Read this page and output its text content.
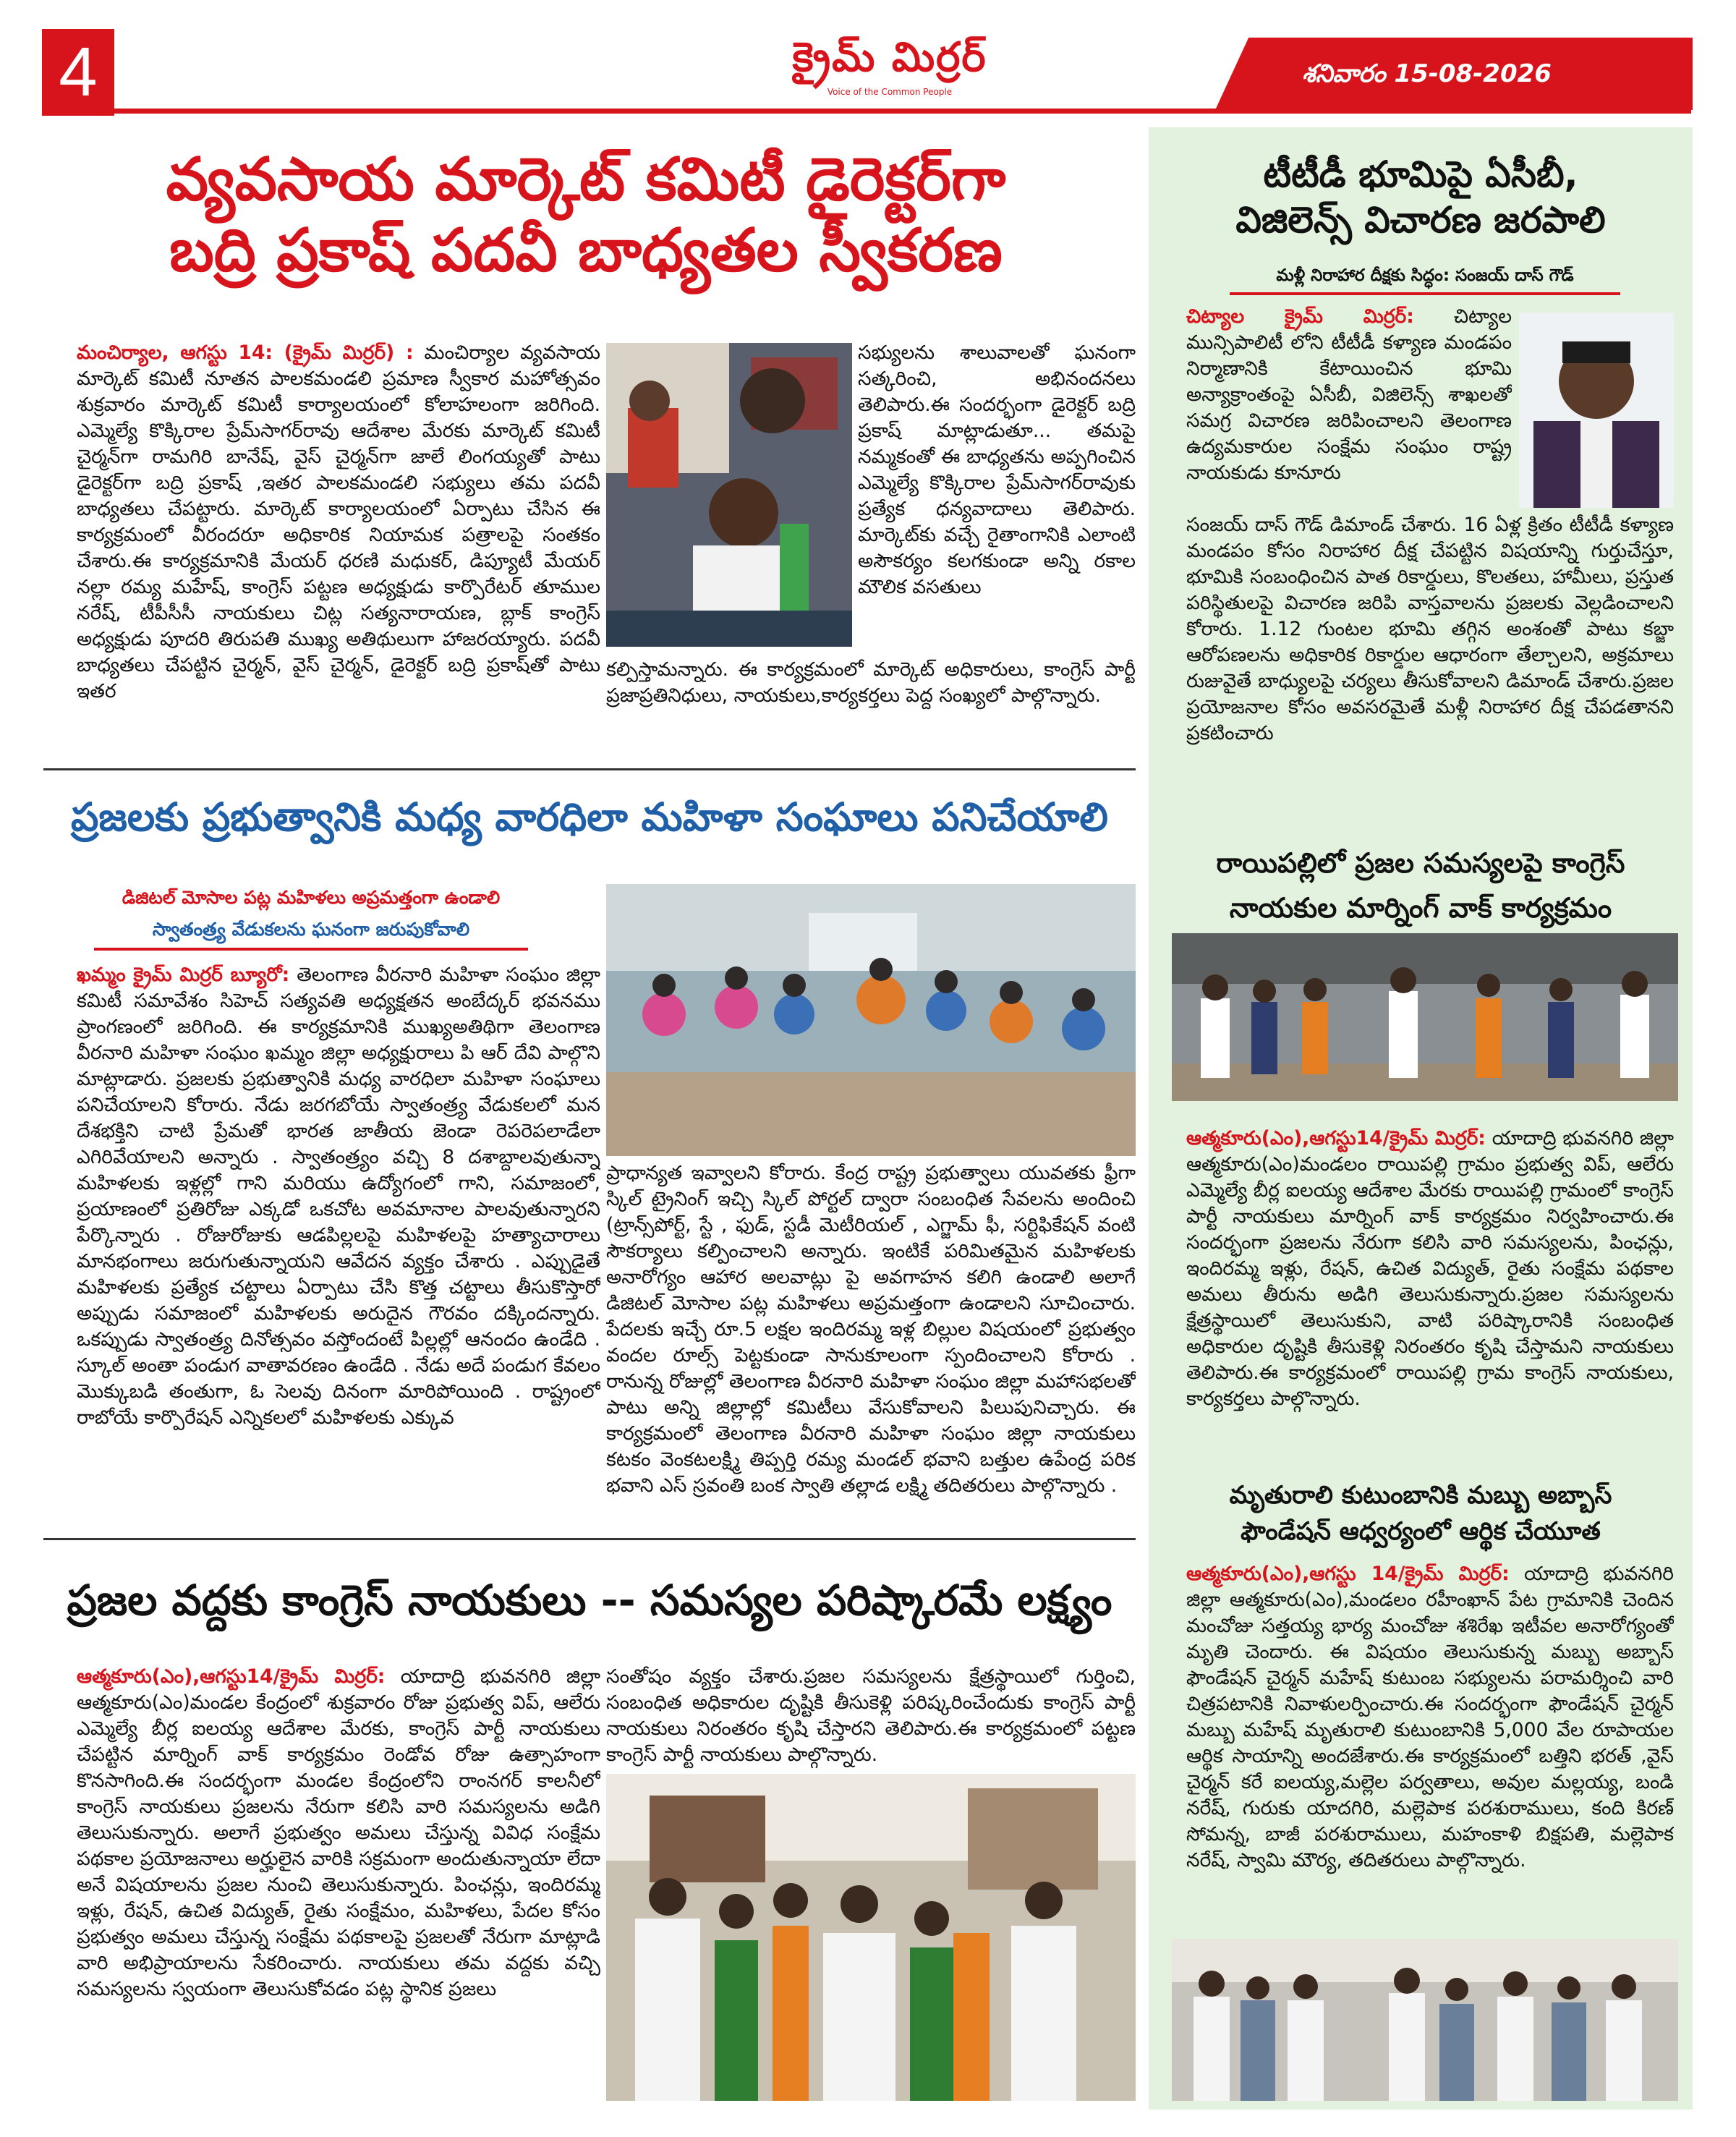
4	క్రైమ్ మిర్రర్
Voice of the Common People
శనివారం 15-08-2026
వ్యవసాయ మార్కెట్ కమిటీ డైరెక్టర్‌గా
బద్రి ప్రకాష్ పదవీ బాధ్యతల స్వీకరణ
మంచిర్యాల, ఆగస్టు 14: (క్రైమ్ మిర్రర్) : మంచిర్యాల వ్యవసాయ మార్కెట్ కమిటీ నూతన పాలకమండలి ప్రమాణ స్వీకార మహోత్సవం శుక్రవారం మార్కెట్ కమిటీ కార్యాలయంలో కోలాహలంగా జరిగింది. ఎమ్మెల్యే కొక్కిరాల ప్రేమ్‌సాగర్‌రావు ఆదేశాల మేరకు మార్కెట్ కమిటీ చైర్మన్‌గా రామగిరి బానేష్, వైస్ చైర్మన్‌గా జాలే లింగయ్యతో పాటు డైరెక్టర్‌గా బద్రి ప్రకాష్ ,ఇతర పాలకమండలి సభ్యులు తమ పదవీ బాధ్యతలు చేపట్టారు. మార్కెట్ కార్యాలయంలో ఏర్పాటు చేసిన ఈ కార్యక్రమంలో వీరందరూ అధికారిక నియామక పత్రాలపై సంతకం చేశారు.ఈ కార్యక్రమానికి మేయర్ ధరణి మధుకర్, డిప్యూటీ మేయర్ నల్లా రమ్య మహేష్, కాంగ్రెస్ పట్టణ అధ్యక్షుడు కార్పొరేటర్ తూముల నరేష్, టీపీసీసీ నాయకులు చిట్ల సత్యనారాయణ, బ్లాక్ కాంగ్రెస్ అధ్యక్షుడు పూదరి తిరుపతి ముఖ్య అతిథులుగా హాజరయ్యారు. పదవీ బాధ్యతలు చేపట్టిన చైర్మన్, వైస్ చైర్మన్, డైరెక్టర్ బద్రి ప్రకాష్‌తో పాటు ఇతర
సభ్యులను శాలువాలతో ఘనంగా సత్కరించి, అభినందనలు తెలిపారు.ఈ సందర్భంగా డైరెక్టర్ బద్రి ప్రకాష్ మాట్లాడుతూ... తమపై నమ్మకంతో ఈ బాధ్యతను అప్పగించిన ఎమ్మెల్యే కొక్కిరాల ప్రేమ్‌సాగర్‌రావుకు ప్రత్యేక ధన్యవాదాలు తెలిపారు. మార్కెట్‌కు వచ్చే రైతాంగానికి ఎలాంటి అసౌకర్యం కలగకుండా అన్ని రకాల మౌలిక వసతులు
కల్పిస్తామన్నారు. ఈ కార్యక్రమంలో మార్కెట్ అధికారులు, కాంగ్రెస్ పార్టీ ప్రజాప్రతినిధులు, నాయకులు,కార్యకర్తలు పెద్ద సంఖ్యలో పాల్గొన్నారు.
ప్రజలకు ప్రభుత్వానికి మధ్య వారధిలా మహిళా సంఘాలు పనిచేయాలి
డిజిటల్ మోసాల పట్ల మహిళలు అప్రమత్తంగా ఉండాలి
స్వాతంత్ర్య వేడుకలను ఘనంగా జరుపుకోవాలి
ఖమ్మం క్రైమ్ మిర్రర్ బ్యూరో: తెలంగాణ వీరనారి మహిళా సంఘం జిల్లా కమిటీ సమావేశం సిహెచ్ సత్యవతి అధ్యక్షతన అంబేద్కర్ భవనము ప్రాంగణంలో జరిగింది. ఈ కార్యక్రమానికి ముఖ్యఅతిథిగా తెలంగాణ వీరనారి మహిళా సంఘం ఖమ్మం జిల్లా అధ్యక్షురాలు పి ఆర్ దేవి పాల్గొని మాట్లాడారు. ప్రజలకు ప్రభుత్వానికి మధ్య వారధిలా మహిళా సంఘాలు పనిచేయాలని కోరారు. నేడు జరగబోయే స్వాతంత్ర్య వేడుకలలో మన దేశభక్తిని చాటి ప్రేమతో భారత జాతీయ జెండా రెపరెపలాడేలా ఎగిరివేయాలని అన్నారు . స్వాతంత్ర్యం వచ్చి 8 దశాబ్దాలవుతున్నా మహిళలకు ఇళ్లల్లో గాని మరియు ఉద్యోగంలో గాని, సమాజంలో, ప్రయాణంలో ప్రతిరోజు ఎక్కడో ఒకచోట అవమానాల పాలవుతున్నారని పేర్కొన్నారు . రోజురోజుకు ఆడపిల్లలపై మహిళలపై హత్యాచారాలు మానభంగాలు జరుగుతున్నాయని ఆవేదన వ్యక్తం చేశారు . ఎప్పుడైతే మహిళలకు ప్రత్యేక చట్టాలు ఏర్పాటు చేసి కొత్త చట్టాలు తీసుకొస్తారో అప్పుడు సమాజంలో మహిళలకు అరుదైన గౌరవం దక్కిందన్నారు. ఒకప్పుడు స్వాతంత్ర్య దినోత్సవం వస్తోందంటే పిల్లల్లో ఆనందం ఉండేది . స్కూల్ అంతా పండుగ వాతావరణం ఉండేది . నేడు అదే పండుగ కేవలం మొక్కుబడి తంతుగా, ఓ సెలవు దినంగా మారిపోయింది . రాష్ట్రంలో రాబోయే కార్పొరేషన్ ఎన్నికలలో మహిళలకు ఎక్కువ
ప్రాధాన్యత ఇవ్వాలని కోరారు. కేంద్ర రాష్ట్ర ప్రభుత్వాలు యువతకు ఫ్రీగా స్కిల్ ట్రైనింగ్ ఇచ్చి స్కిల్ పోర్టల్ ద్వారా సంబంధిత సేవలను అందించి (ట్రాన్స్‌పోర్ట్, స్టే , ఫుడ్, స్టడీ మెటీరియల్ , ఎగ్జామ్ ఫీ, సర్టిఫికేషన్ వంటి సౌకర్యాలు కల్పించాలని అన్నారు. ఇంటికే పరిమితమైన మహిళలకు అనారోగ్యం ఆహార అలవాట్లు పై అవగాహన కలిగి ఉండాలి అలాగే డిజిటల్ మోసాల పట్ల మహిళలు అప్రమత్తంగా ఉండాలని సూచించారు. పేదలకు ఇచ్చే రూ.5 లక్షల ఇందిరమ్మ ఇళ్ల బిల్లుల విషయంలో ప్రభుత్వం వందల రూల్స్ పెట్టకుండా సానుకూలంగా స్పందించాలని కోరారు . రానున్న రోజుల్లో తెలంగాణ వీరనారి మహిళా సంఘం జిల్లా మహాసభలతో పాటు అన్ని జిల్లాల్లో కమిటీలు వేసుకోవాలని పిలుపునిచ్చారు. ఈ కార్యక్రమంలో తెలంగాణ వీరనారి మహిళా సంఘం జిల్లా నాయకులు కటకం వెంకటలక్ష్మి తిప్పర్తి రమ్య మండల్ భవాని బత్తుల ఉపేంద్ర పరిక భవాని ఎస్ స్రవంతి బంక స్వాతి తల్లాడ లక్ష్మి తదితరులు పాల్గొన్నారు .
ప్రజల వద్దకు కాంగ్రెస్ నాయకులు -- సమస్యల పరిష్కారమే లక్ష్యం
ఆత్మకూరు(ఎం),ఆగస్టు14/క్రైమ్ మిర్రర్: యాదాద్రి భువనగిరి జిల్లా ఆత్మకూరు(ఎం)మండల కేంద్రంలో శుక్రవారం రోజు ప్రభుత్వ విప్, ఆలేరు ఎమ్మెల్యే బీర్ల ఐలయ్య ఆదేశాల మేరకు, కాంగ్రెస్ పార్టీ నాయకులు చేపట్టిన మార్నింగ్ వాక్ కార్యక్రమం రెండోవ రోజు ఉత్సాహంగా కొనసాగింది.ఈ సందర్భంగా మండల కేంద్రంలోని రాంనగర్ కాలనీలో కాంగ్రెస్ నాయకులు ప్రజలను నేరుగా కలిసి వారి సమస్యలను అడిగి తెలుసుకున్నారు. అలాగే ప్రభుత్వం అమలు చేస్తున్న వివిధ సంక్షేమ పథకాల ప్రయోజనాలు అర్హులైన వారికి సక్రమంగా అందుతున్నాయా లేదా అనే విషయాలను ప్రజల నుంచి తెలుసుకున్నారు. పింఛన్లు, ఇందిరమ్మ ఇళ్లు, రేషన్, ఉచిత విద్యుత్, రైతు సంక్షేమం, మహిళలు, పేదల కోసం ప్రభుత్వం అమలు చేస్తున్న సంక్షేమ పథకాలపై ప్రజలతో నేరుగా మాట్లాడి వారి అభిప్రాయాలను సేకరించారు. నాయకులు తమ వద్దకు వచ్చి సమస్యలను స్వయంగా తెలుసుకోవడం పట్ల స్థానిక ప్రజలు
సంతోషం వ్యక్తం చేశారు.ప్రజల సమస్యలను క్షేత్రస్థాయిలో గుర్తించి, సంబంధిత అధికారుల దృష్టికి తీసుకెళ్లి పరిష్కరించేందుకు కాంగ్రెస్ పార్టీ నాయకులు నిరంతరం కృషి చేస్తారని తెలిపారు.ఈ కార్యక్రమంలో పట్టణ కాంగ్రెస్ పార్టీ నాయకులు పాల్గొన్నారు.
టీటీడీ భూమిపై ఏసీబీ,
విజిలెన్స్ విచారణ జరపాలి
మళ్లీ నిరాహార దీక్షకు సిద్ధం: సంజయ్ దాస్ గౌడ్
చిట్యాల క్రైమ్ మిర్రర్: చిట్యాల మున్సిపాలిటీ లోని టీటీడీ కళ్యాణ మండపం నిర్మాణానికి కేటాయించిన భూమి అన్యాక్రాంతంపై ఏసీబీ, విజిలెన్స్ శాఖలతో సమగ్ర విచారణ జరిపించాలని తెలంగాణ ఉద్యమకారుల సంక్షేమ సంఘం రాష్ట్ర నాయకుడు కూనూరు
సంజయ్ దాస్ గౌడ్ డిమాండ్ చేశారు. 16 ఏళ్ల క్రితం టీటీడీ కళ్యాణ మండపం కోసం నిరాహార దీక్ష చేపట్టిన విషయాన్ని గుర్తుచేస్తూ, భూమికి సంబంధించిన పాత రికార్డులు, కొలతలు, హామీలు, ప్రస్తుత పరిస్థితులపై విచారణ జరిపి వాస్తవాలను ప్రజలకు వెల్లడించాలని కోరారు. 1.12 గుంటల భూమి తగ్గిన అంశంతో పాటు కబ్జా ఆరోపణలను అధికారిక రికార్డుల ఆధారంగా తేల్చాలని, అక్రమాలు రుజువైతే బాధ్యులపై చర్యలు తీసుకోవాలని డిమాండ్ చేశారు.ప్రజల ప్రయోజనాల కోసం అవసరమైతే మళ్లీ నిరాహార దీక్ష చేపడతానని ప్రకటించారు
రాయిపల్లిలో ప్రజల సమస్యలపై కాంగ్రెస్
నాయకుల మార్నింగ్ వాక్ కార్యక్రమం
ఆత్మకూరు(ఎం),ఆగస్టు14/క్రైమ్ మిర్రర్: యాదాద్రి భువనగిరి జిల్లా ఆత్మకూరు(ఎం)మండలం రాయిపల్లి గ్రామం ప్రభుత్వ విప్, ఆలేరు ఎమ్మెల్యే బీర్ల ఐలయ్య ఆదేశాల మేరకు రాయిపల్లి గ్రామంలో కాంగ్రెస్ పార్టీ నాయకులు మార్నింగ్ వాక్ కార్యక్రమం నిర్వహించారు.ఈ సందర్భంగా ప్రజలను నేరుగా కలిసి వారి సమస్యలను, పింఛన్లు, ఇందిరమ్మ ఇళ్లు, రేషన్, ఉచిత విద్యుత్, రైతు సంక్షేమ పథకాల అమలు తీరును అడిగి తెలుసుకున్నారు.ప్రజల సమస్యలను క్షేత్రస్థాయిలో తెలుసుకుని, వాటి పరిష్కారానికి సంబంధిత అధికారుల దృష్టికి తీసుకెళ్లి నిరంతరం కృషి చేస్తామని నాయకులు తెలిపారు.ఈ కార్యక్రమంలో రాయిపల్లి గ్రామ కాంగ్రెస్ నాయకులు, కార్యకర్తలు పాల్గొన్నారు.
మృతురాలి కుటుంబానికి మబ్బు అబ్బాస్
ఫౌండేషన్ ఆధ్వర్యంలో ఆర్థిక చేయూత
ఆత్మకూరు(ఎం),ఆగస్టు 14/క్రైమ్ మిర్రర్: యాదాద్రి భువనగిరి జిల్లా ఆత్మకూరు(ఎం),మండలం రహీంఖాన్ పేట గ్రామానికి చెందిన మంచోజు సత్తయ్య భార్య మంచోజు శశిరేఖ ఇటీవల అనారోగ్యంతో మృతి చెందారు. ఈ విషయం తెలుసుకున్న మబ్బు అబ్బాస్ ఫౌండేషన్ చైర్మన్ మహేష్ కుటుంబ సభ్యులను పరామర్శించి వారి చిత్రపటానికి నివాళులర్పించారు.ఈ సందర్భంగా ఫౌండేషన్ చైర్మన్ మబ్బు మహేష్ మృతురాలి కుటుంబానికి 5,000 వేల రూపాయల ఆర్థిక సాయాన్ని అందజేశారు.ఈ కార్యక్రమంలో బత్తిని భరత్ ,వైస్ చైర్మన్ కరే ఐలయ్య,మల్లెల పర్వతాలు, అవుల మల్లయ్య, బండి నరేష్, గురుకు యాదగిరి, మల్లెపాక పరశురాములు, కంది కిరణ్ సోమన్న, బాజీ పరశురాములు, మహంకాళి బిక్షపతి, మల్లెపాక నరేష్, స్వామి మౌర్య, తదితరులు పాల్గొన్నారు.
